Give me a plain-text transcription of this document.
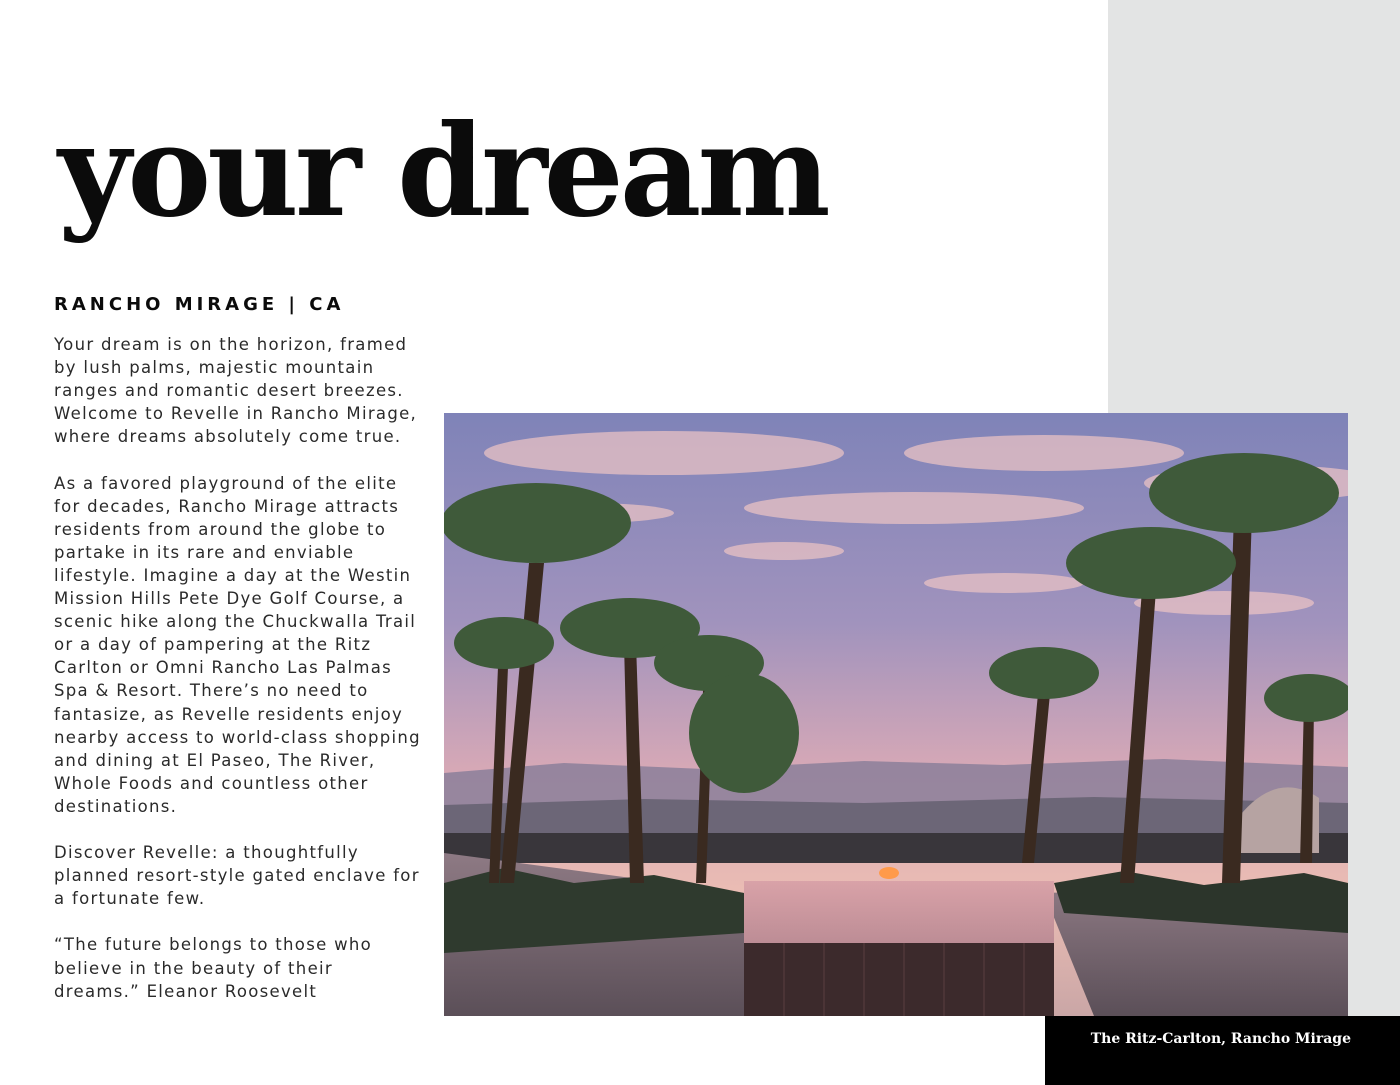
your dream
RANCHO MIRAGE | CA

Your dream is on the horizon, framed by lush palms, majestic mountain ranges and romantic desert breezes. Welcome to Revelle in Rancho Mirage, where dreams absolutely come true.

As a favored playground of the elite for decades, Rancho Mirage attracts residents from around the globe to partake in its rare and enviable lifestyle. Imagine a day at the Westin Mission Hills Pete Dye Golf Course, a scenic hike along the Chuckwalla Trail or a day of pampering at the Ritz Carlton or Omni Rancho Las Palmas Spa & Resort. There’s no need to fantasize, as Revelle residents enjoy nearby access to world-class shopping and dining at El Paseo, The River, Whole Foods and countless other destinations.

Discover Revelle: a thoughtfully planned resort-style gated enclave for a fortunate few.

“The future belongs to those who believe in the beauty of their dreams.” Eleanor Roosevelt

The Ritz-Carlton, Rancho Mirage
